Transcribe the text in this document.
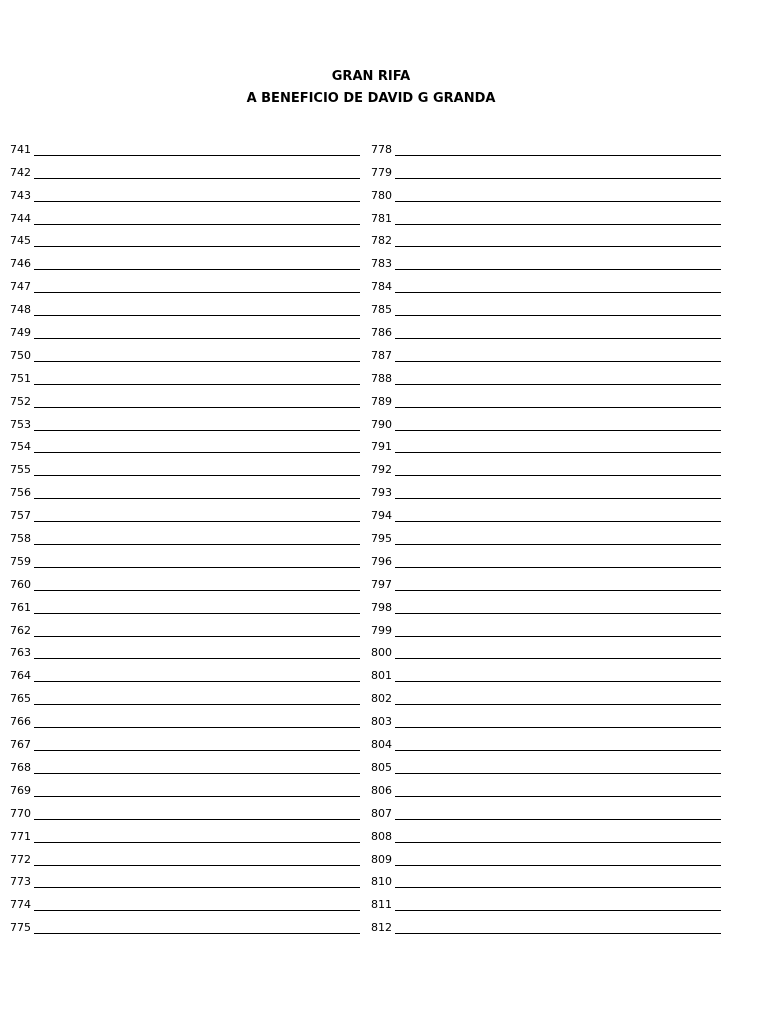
GRAN RIFA
A BENEFICIO DE DAVID G GRANDA
741
742
743
744
745
746
747
748
749
750
751
752
753
754
755
756
757
758
759
760
761
762
763
764
765
766
767
768
769
770
771
772
773
774
775
778
779
780
781
782
783
784
785
786
787
788
789
790
791
792
793
794
795
796
797
798
799
800
801
802
803
804
805
806
807
808
809
810
811
812
